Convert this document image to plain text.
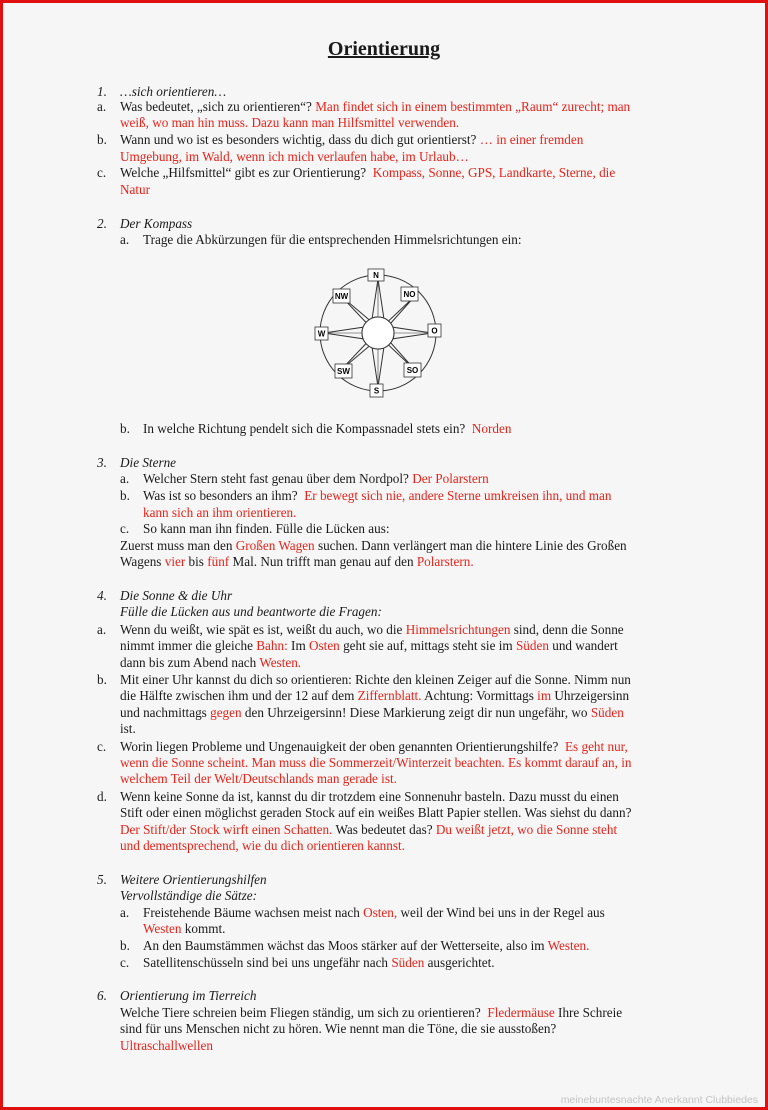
Orientierung
1. …sich orientieren…
a. Was bedeutet, „sich zu orientieren“? Man findet sich in einem bestimmten „Raum“ zurecht; man
weiß, wo man hin muss. Dazu kann man Hilfsmittel verwenden.
b. Wann und wo ist es besonders wichtig, dass du dich gut orientierst? … in einer fremden
Umgebung, im Wald, wenn ich mich verlaufen habe, im Urlaub…
c. Welche „Hilfsmittel“ gibt es zur Orientierung? Kompass, Sonne, GPS, Landkarte, Sterne, die
Natur
2. Der Kompass
a. Trage die Abkürzungen für die entsprechenden Himmelsrichtungen ein:
N
NW	NO
W	O
SW	SO
S
b. In welche Richtung pendelt sich die Kompassnadel stets ein? Norden
3. Die Sterne
a. Welcher Stern steht fast genau über dem Nordpol? Der Polarstern
b. Was ist so besonders an ihm? Er bewegt sich nie, andere Sterne umkreisen ihn, und man
kann sich an ihm orientieren.
c. So kann man ihn finden. Fülle die Lücken aus:
Zuerst muss man den Großen Wagen suchen. Dann verlängert man die hintere Linie des Großen
Wagens vier bis fünf Mal. Nun trifft man genau auf den Polarstern.
4. Die Sonne & die Uhr
Fülle die Lücken aus und beantworte die Fragen:
a. Wenn du weißt, wie spät es ist, weißt du auch, wo die Himmelsrichtungen sind, denn die Sonne
nimmt immer die gleiche Bahn: Im Osten geht sie auf, mittags steht sie im Süden und wandert
dann bis zum Abend nach Westen.
b. Mit einer Uhr kannst du dich so orientieren: Richte den kleinen Zeiger auf die Sonne. Nimm nun
die Hälfte zwischen ihm und der 12 auf dem Ziffernblatt. Achtung: Vormittags im Uhrzeigersinn
und nachmittags gegen den Uhrzeigersinn! Diese Markierung zeigt dir nun ungefähr, wo Süden
ist.
c. Worin liegen Probleme und Ungenauigkeit der oben genannten Orientierungshilfe? Es geht nur,
wenn die Sonne scheint. Man muss die Sommerzeit/Winterzeit beachten. Es kommt darauf an, in
welchem Teil der Welt/Deutschlands man gerade ist.
d. Wenn keine Sonne da ist, kannst du dir trotzdem eine Sonnenuhr basteln. Dazu musst du einen
Stift oder einen möglichst geraden Stock auf ein weißes Blatt Papier stellen. Was siehst du dann?
Der Stift/der Stock wirft einen Schatten. Was bedeutet das? Du weißt jetzt, wo die Sonne steht
und dementsprechend, wie du dich orientieren kannst.
5. Weitere Orientierungshilfen
Vervollständige die Sätze:
a. Freistehende Bäume wachsen meist nach Osten, weil der Wind bei uns in der Regel aus
Westen kommt.
b. An den Baumstämmen wächst das Moos stärker auf der Wetterseite, also im Westen.
c. Satellitenschüsseln sind bei uns ungefähr nach Süden ausgerichtet.
6. Orientierung im Tierreich
Welche Tiere schreien beim Fliegen ständig, um sich zu orientieren? Fledermäuse Ihre Schreie
sind für uns Menschen nicht zu hören. Wie nennt man die Töne, die sie ausstoßen?
Ultraschallwellen
meinebuntesnachte Anerkannt Clubbiedes
